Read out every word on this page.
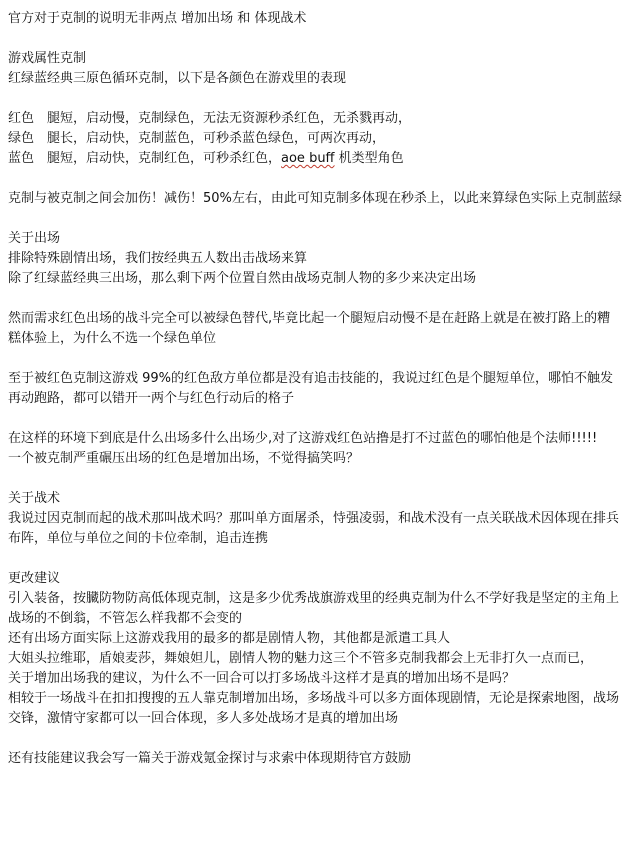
官方对于克制的说明无非两点 增加出场 和 体现战术
游戏属性克制
红绿蓝经典三原色循环克制，以下是各颜色在游戏里的表现
红色　腿短，启动慢，克制绿色，无法无资源秒杀红色，无杀戮再动，
绿色　腿长，启动快，克制蓝色，可秒杀蓝色绿色，可两次再动，
蓝色　腿短，启动快，克制红色，可秒杀红色，aoe buff 机类型角色
克制与被克制之间会加伤！减伤！50%左右，由此可知克制多体现在秒杀上，以此来算绿色实际上克制蓝绿
关于出场
排除特殊剧情出场，我们按经典五人数出击战场来算
除了红绿蓝经典三出场，那么剩下两个位置自然由战场克制人物的多少来决定出场
然而需求红色出场的战斗完全可以被绿色替代,毕竟比起一个腿短启动慢不是在赶路上就是在被打路上的糟糕体验上，为什么不选一个绿色单位
至于被红色克制这游戏 99%的红色敌方单位都是没有追击技能的，我说过红色是个腿短单位，哪怕不触发再动跑路，都可以错开一两个与红色行动后的格子
在这样的环境下到底是什么出场多什么出场少,对了这游戏红色站撸是打不过蓝色的哪怕他是个法师!!!!!
一个被克制严重碾压出场的红色是增加出场，不觉得搞笑吗？
关于战术
我说过因克制而起的战术那叫战术吗？那叫单方面屠杀，恃强凌弱，和战术没有一点关联战术因体现在排兵布阵，单位与单位之间的卡位牵制，追击连携
更改建议
引入装备，按臓防物防高低体现克制，这是多少优秀战旗游戏里的经典克制为什么不学好我是坚定的主角上战场的不倒翁，不管怎么样我都不会变的
还有出场方面实际上这游戏我用的最多的都是剧情人物，其他都是派遣工具人
大姐头拉维耶，盾娘麦莎，舞娘妲儿，剧情人物的魅力这三个不管多克制我都会上无非打久一点而已，
关于增加出场我的建议，为什么不一回合可以打多场战斗这样才是真的增加出场不是吗？
相较于一场战斗在扣扣搜搜的五人靠克制增加出场，多场战斗可以多方面体现剧情，无论是探索地图，战场交锋，激情守家都可以一回合体现，多人多处战场才是真的增加出场
还有技能建议我会写一篇关于游戏氪金探讨与求索中体现期待官方鼓励
